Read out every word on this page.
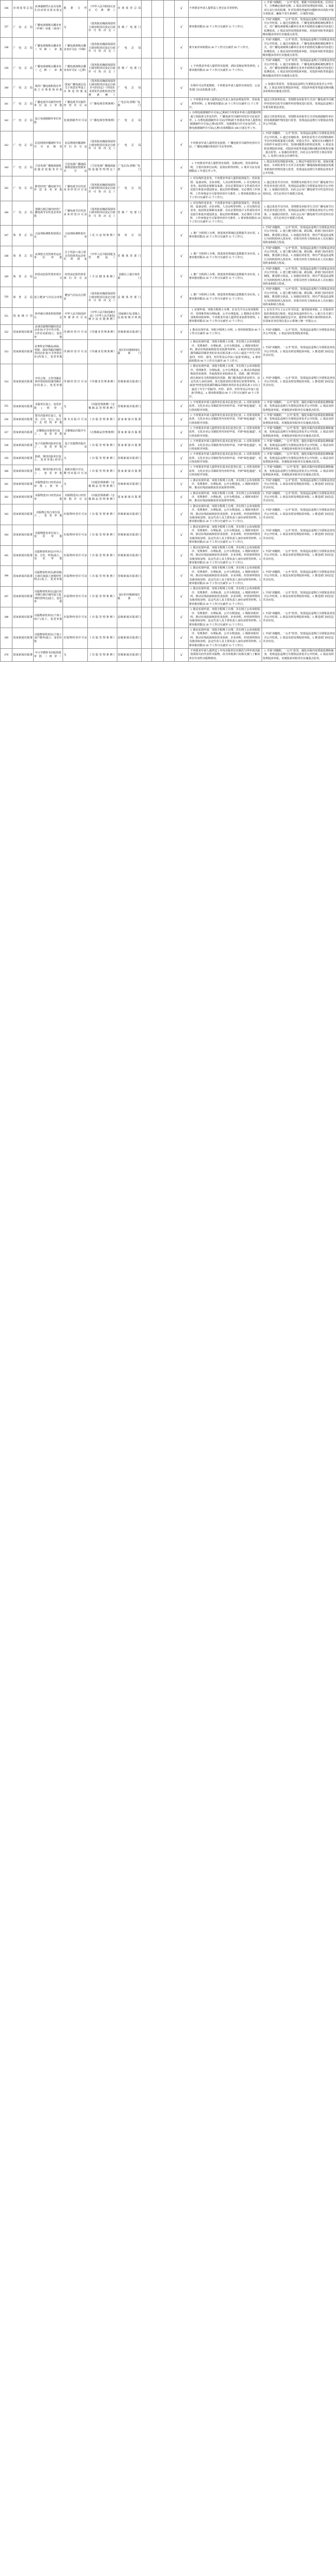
336	市场监管总局	从事强制性认证以及相关活动的实验室指定	批准文件	《中华人民共和国认证认可条例》	市场监管总局				√	不再要求申请人提供法人登记证书等材料。	1. 开展“双随机、一公开”监管，根据不同风险程度、信用水平，合理确定抽查比例。2. 依法及时处理投诉举报。3. 加强对认证行业的监测，针对发现的普遍性问题和突出风险开展专项检查，确保不发生系统性、区域性风险。
337	广电总局	广播电视视频点播业务（甲种）审批（初审）	无	《国务院对确需保留的行政审批项目设定行政许可的决定》	省级广电部门				√	将审批时限由 20 个工作日压减至 15 个工作日。	1. 开展“双随机、一公开”监管，发现违法违规行为要依法查处并公开结果。2. 通过实地检查、广播电视监测系统监测等方式，对广播电视视频点播单位业务开展情况及播出内容进行监测监看。3. 依法及时处理投诉举报，对投诉举报等渠道反映问题多的单位实施重点监管。
338	广电总局	广播电视视频点播业务（甲种）审批	广播电视视频点播业务许可证（甲种）	《国务院对确需保留的行政审批项目设定行政许可的决定》	广电总局				√	将专家评审时限由 30 个工作日压减至 20 个工作日。	1. 开展“双随机、一公开”监管，发现违法违规行为要依法查处并公开结果。2. 通过实地检查、广播电视监测系统监测等方式，对广播电视视频点播单位业务开展情况及播出内容进行监测监看。3. 依法及时处理投诉举报，对投诉举报等渠道反映问题多的单位实施重点监管。
339	广电总局	广播电视视频点播业务（乙种）审批	广播电视视频点播业务许可证（乙种）	《国务院对确需保留的行政审批项目设定行政许可的决定》	省级广电部门				√	1. 不再要求申请人提供营业执照、酒店星级证明等材料。2. 将审批时限由 20 个工作日压减至 15 个工作日。	1. 开展“双随机、一公开”监管，发现违法违规行为要依法查处并公开结果。2. 通过实地检查、广播电视监测系统监测等方式，对广播电视视频点播单位业务开展情况及播出内容进行监测监看。3. 依法及时处理投诉举报，对投诉举报等渠道反映问题多的单位实施重点监管。
340	广电总局	境外广播电视机构在华设立办事机构审批	国家广播电视总局关于同意在华设立办事处的批复	《国务院对确需保留的行政审批项目设定行政许可的决定》《外国企业常驻代表机构登记管理条例》	广电总局				√	办理许可证件延期时，不再要求申请人提供市场监管、公安等部门出具的批准文件。	1. 加强日常监管，发现违法违规行为要依法查处并公开结果。2. 依法及时处理投诉举报，对投诉举报等渠道反映问题多的机构实施重点监管。
341	广电总局	广播电视节目制作经营单位设立审批	广播电视节目制作经营许可证	《广播电视管理条例》	广电总局;省级广电部门				√	1. 不再要求申请人提供法定代表人身份证明复印件、营业执照等材料。2. 将审批时限由 20 个工作日压减至 15 个工作日。	通过日常监听监看、受理群众举报等方式对广播电视节目制作经营单位的节目制作经营情况进行监管，发现违法违规行为要及时依法查处。
342	广电总局	设立电视剧制作单位审批	电视剧制作许可证	《广播电视管理条例》	广电总局				√	1. 办理电视剧制作许可证(乙种)时不再要求申请人提供题材规划立项批准文件复印件、广播电视节目制作经营许可证复印件。2. 办理电视剧制作许可证(甲种)时不再要求申请人提供电视剧制作许可证(乙种)复印件、电视剧发行许可证复印件。3. 将电视剧制作许可证(乙种)有效期限由 180 日延长至 1 年。	通过日常监听监看、受理群众举报等方式对电视剧制作单位的电视剧制作情况进行监管，发现违法违规行为要依法查处并公开结果。
343	广电总局	信息网络传播视听节目许可证核发	信息网络传播视听节目许可证	《国务院对确需保留的行政审批项目设定行政许可的决定》	广电总局				√	不再要求申请人提供营业执照、广播电视节目制作经营许可证、广播电视播出机构许可证等材料。	1. 开展“双随机、一公开”监管，发现违法违规行为要依法查处并公开结果。2. 通过实地检查、监听监看等方式对网络视听节目内容和质量进行监测，对重点节目、疑似存在问题的节目组织专家进行评议，发现问题要及时依法处理。3. 依法及时处理投诉举报，对投诉举报等渠道反映问题多的机构实施重点监管。4. 加强信用监管，向社会公布经营主体信用状况。5. 发挥行业协会自律作用。
344	广电总局	卫星电视广播地面接收设施安装服务许可	卫星电视广播地面接收设施安装服务许可证	《卫星电视广播地面接收设施管理规定》	广电总局;省级广电部门				√	1. 不再要求申请人提供营业执照、星级证明、营业场所证明、主要出资单位证明、验资证明等材料。2. 将许可证有效期限由 1 年延长至 2 年。	1. 依法及时处理投诉举报。2. 制定年度监管计划，采取实地暗访、专项检查等方式对卫星电视广播地面接收设施安装服务机构经营情况进行监管，发现违法违规行为要依法查处并公开结果。
345	广电总局	跨省经营广播电视节目传送业务审批	广播电视节目传送业务经营许可证	《国务院对确需保留的行政审批项目设定行政许可的决定》	广电总局				√	1. 对有线传送业务，不再要求申请人提供验资报告、营业执照、设备证明、企业章程、人员证明等材料。2. 对无线传送业务，取消资金保障及来源、具有必要的设计文件或技术评估报告和基本建设资金、稳定的经费保障、有必要的工作场所、工作环境安全可靠等经营许可条件。3. 将审批时限由 20 个工作日压减至 15 个工作日。	1. 通过监看节目内容、受理群众举报等方式对广播电视节目传送业务进行监管，发现违法违规行为要依法查处并公开结果。2. 加强信用监管，向社会公布广播电视节目传送单位信用状况，对失信单位开展联合惩戒。
346	广电总局	省级行政区域内经营广播电视节目传送业务审批	广播电视节目传送业务经营许可证	《国务院对确需保留的行政审批项目设定行政许可的决定》	省级广电部门				√	1. 对有线传送业务，不再要求申请人提供验资报告、营业执照、设备证明、企业章程、人员证明等材料。2. 对无线传送业务，取消资金保障及来源、具有必要的设计文件或技术评估报告和基本建设资金、稳定的经费保障、有必要的工作场所、工作环境安全可靠等经营许可条件。3. 将审批时限由 20 个工作日压减至 15 个工作日。	1. 通过监看节目内容、受理群众举报等方式对广播电视节目传送业务进行监管，发现违法违规行为要依法查处并公开结果。2. 加强信用监管，向社会公布广播电视节目传送单位信用状况，对失信单位开展联合惩戒。
347	体育总局	兴奋剂检测机构资质认定	兴奋剂检测机构许可证	《反兴奋剂条例》	体育总局				√	1. 推广全程网上办理，推进体育领域信息数据共享应用。2. 将审批时限由 20 个工作日压减至 15 个工作日。	1. 开展“双随机、一公开”监管，发现违法违规行为要依法查处并公开结果。2. 建立健全跨区域、跨层级、跨部门协同监管制度，推进联合执法。3. 加强信用监管，将有严重违法违规行为的机构列入黑名单，对相关经营主体和从业人员实施信用约束和联合惩戒。
348	体育总局	从事射击竞技体育运动单位审批	关于同意××设立射击竞技体育运动单位的批复	《中华人民共和国枪支管理法》	省级体育部门				√	1. 推广全程网上办理，推进体育领域信息数据共享应用。2. 将审批时限由 20 个工作日压减至 15 个工作日。	1. 开展“双随机、一公开”监管，发现违法违规行为要依法查处并公开结果。2. 建立健全跨区域、跨层级、跨部门协同监管制度，推进联合执法。3. 加强信用监管，将有严重违法违规行为的机构列入黑名单，对相关经营主体和从业人员实施信用约束和联合惩戒。
349	体育总局	经营高危险性体育项目许可	经营高危险性体育项目许可证	《全民健身条例》	县级以上地方体育部门				√	1. 推广全程网上办理，推进体育领域信息数据共享应用。2. 将审批时限由 20 个工作日压减至 15 个工作日。	1. 开展“双随机、一公开”监管，发现违法违规行为要依法查处并公开结果。2. 建立健全跨区域、跨层级、跨部门协同监管制度，推进联合执法。3. 加强信用监管，将有严重违法违规行为的机构列入黑名单，对相关经营主体和从业人员实施信用约束和联合惩戒。
350	体育总局	设立健身气功站点审批	健身气功站点注册证	《国务院对确需保留的行政审批项目设定行政许可的决定》	县级体育部门				√	1. 推广全程网上办理，推进体育领域信息数据共享应用。2. 将审批时限由 20 个工作日压减至 15 个工作日。	1. 开展“双随机、一公开”监管，发现违法违规行为要依法查处并公开结果。2. 建立健全跨区域、跨层级、跨部门协同监管制度，推进联合执法。3. 加强信用监管，将有严重违法违规行为的机构列入黑名单，对相关经营主体和从业人员实施信用约束和联合惩戒。
351	国家统计局	涉外统计调查机构资格认定	中华人民共和国涉外调查许可证	《中华人民共和国统计法》《中华人民共和国统计法实施条例》	国家统计局;省级人民政府统计机构				√	1. 实现申请、审批全程网上办理，在有关平台公布审批程序、受理条件和办理标准，公开办理进度。2. 精简企业类申请机构审批材料，不再要求申请人提供营业执照等材料。3. 将审批时限由 20 个工作日压减至 13 个工作日。	1. 在有关平台上公示许可信息，接受投诉举报。2. 对投诉举报的事项进行核查，依法查处违经营行为。3. 配合有关部门做好行政审批基础信息共享，提供涉外统计调查机构名单，在国家企业信用信息公示系统上统一归集公示。
352	国家新闻出版署	从事出版物印刷经营活动企业(不含中外合资、合作企业)的设立、变更审批	印刷经营许可证	《印刷业管理条例》	省级新闻出版部门				√	1. 推动实现申请、审批全程网上办理。2. 将审批时限由 60 个工作日压减至 40 个工作日。	1. 开展“双随机、一公开”监管，发现违法违规行为要依法查处并公开结果。2. 依法及时处理投诉举报。
353	国家新闻出版署	从事特定印刷品(商标、票据、保密印刷)印刷经营活动企业(不含外资企业)的设立、变更审批	印刷经营许可证	《印刷业管理条例》	设区的市级新闻出版部门				√	1. 推动实现申请、审批全程网上办理，并在网上公布审批程序、受理条件、办理标准，公开办理进度。2. 精简审批材料，推动在线获取核验营业执照等材料。3. 取消“经营包装装潢印刷品印刷业务的企业必须具备 2 台以上最近十年生产的胶印、凹印、柔印、丝印等及后序加工设备”的规定。4. 将审批时限由 60 个工作日压减至 40 个工作日。	1. 开展“双随机、一公开”监管，发现违法违规行为要依法查处并公开结果。2. 依法及时处理投诉举报。3. 推进部门间信息共享应用。
354	国家新闻出版署	中外合资、合作印刷业和外资商装装潢印刷企业的设立、变更审批	印刷经营许可证	《印刷业管理条例》	省级新闻出版部门				√	1. 推动实现申请、审批全程网上办理，并在网上公布审批程序、受理条件、办理标准，公开办理进度。2. 推动在线获取核验营业执照、外商投资企业批准证书、香港、澳门特别行政区政府有关机构颁发的香港、澳门服务提供者证明书、法定代表人身份证明，各方投资者的注册登记证明等材料。3. 取消“经营包装装潢印刷品印刷业务的企业必须具备 2 台以上最近十年生产的胶印、凹印、柔印、丝印等及后序加工设备”的规定。4. 将审批时限由 60 个工作日压减至 40 个工作日。	1. 开展“双随机、一公开”监管，发现违法违规行为要依法查处并公开结果。2. 依法及时处理投诉举报。3. 推进部门间信息共享应用。
355	国家新闻出版署	出版单位设立、变更审批(初审)	无	《出版管理条例》《音像制品管理条例》	省级新闻出版部门				√	1. 不再要求申请人提供单位基本信息登记表。2. 对涉及机构改革、文化企业公司制改等内容的申请，开辟“绿色通道”，实行简易程序审批。	1. 开展“双随机、一公开”监管，强化出版内容质量监测和抽查，发现违法违规行为要依法查处并公开结果。2. 依法及时处理投诉举报，对被投诉举报单位实施重点监管。
356	国家新闻出版署	图书出版单位设立、变更、合并、分立、设立分支机构审批	图书出版许可证	《出版管理条例》	国家新闻出版署				√	1. 不再要求申请人提供单位基本信息登记表。2. 对涉及机构改革、文化企业公司制改等内容的申请，开辟“绿色通道”，实行简易程序审批。	1. 开展“双随机、一公开”监管，强化出版内容质量监测和抽查，发现违法违规行为要依法查处并公开结果。2. 依法及时处理投诉举报，对被投诉举报单位实施重点监管。
357	国家新闻出版署	音像制品出版单位设立、变更审批	音像制品出版许可证	《音像制品管理条例》	国家新闻出版署				√	1. 不再要求申请人提供单位基本信息登记表。2. 对涉及机构改革、文化企业公司制改等内容的申请，开辟“绿色通道”，实行简易程序审批。	1. 开展“双随机、一公开”监管，强化出版内容质量监测和抽查，发现违法违规行为要依法查处并公开结果。2. 依法及时处理投诉举报，对被投诉举报单位实施重点监管。
358	国家新闻出版署	电子出版物出版单位设立、变更审批	电子出版物出版许可证	《出版管理条例》	国家新闻出版署				√	1. 不再要求申请人提供单位基本信息登记表。2. 对涉及机构改革、文化企业公司制改等内容的申请，开辟“绿色通道”，实行简易程序审批。	1. 开展“双随机、一公开”监管，强化出版内容质量监测和抽查，发现违法违规行为要依法查处并公开结果。2. 依法及时处理投诉举报，对被投诉举报单位实施重点监管。
359	国家新闻出版署	报纸、期刊出版单位设立、变更审批(初审)	无	《出版管理条例》	省级新闻出版部门				√	1. 不再要求申请人提供单位基本信息登记表。2. 对涉及机构改革、文化企业公司制改等内容的申请，开辟“绿色通道”，实行简易程序审批。	1. 开展“双随机、一公开”监管，强化出版内容质量监测和抽查，发现违法违规行为要依法查处并公开结果。2. 依法及时处理投诉举报，对被投诉举报单位实施重点监管。
360	国家新闻出版署	报纸、期刊出版单位设立、变更审批	报纸出版许可证、期刊出版许可证	《出版管理条例》	国家新闻出版署				√	1. 不再要求申请人提供单位基本信息登记表。2. 对涉及机构改革、文化企业公司制改等内容的申请，开辟“绿色通道”，实行简易程序审批。	1. 开展“双随机、一公开”监管，强化出版内容质量监测和抽查，发现违法违规行为要依法查处并公开结果。2. 依法及时处理投诉举报，对被投诉举报单位实施重点监管。
361	国家新闻出版署	出版物进出口经营活动审批(初审)	无	《出版管理条例》《音像制品管理条例》	省级新闻出版部门				√	1. 推动实现申请、审批全程网上办理，并在网上公布审批程序、受理条件、办理标准，公开办理进度。2. 精简审批材料，推动在线获取核验营业执照等材料。	1. 开展“双随机、一公开”监管，发现违法违规行为要依法查处并公开结果。2. 依法及时处理投诉举报。3. 推进部门间信息共享应用。
362	国家新闻出版署	出版物进出口经营活动审批	出版物进出口经营资格许可证	《出版管理条例》《音像制品管理条例》	国家新闻出版署				√	1. 推动实现申请、审批全程网上办理，并在网上公布审批程序、受理条件、办理标准，公开办理进度。2. 精简审批材料，推动在线获取核验营业执照等材料。	1. 开展“双随机、一公开”监管，发现违法违规行为要依法查处并公开结果。2. 依法及时处理投诉举报。3. 推进部门间信息共享应用。
363	国家新闻出版署	出版物总发行单位设立、变更审批	出版物经营许可证	《出版管理条例》	省级新闻出版部门				√	1. 推动实现申请、审批全程网上办理，并在网上公布审批程序、受理条件、办理标准，公开办理进度。2. 精简审批材料，推动在线获取核验营业执照、企业章程、经营场所情况及使用权证明、法定代表人及主要负责人身份证明等材料。3. 将审批时限由 20 个工作日压减至 13 个工作日。	1. 开展“双随机、一公开”监管，发现违法违规行为要依法查处并公开结果。2. 依法及时处理投诉举报。3. 推进部门间信息共享应用。
364	国家新闻出版署	出版物批发单位设立、变更审批	出版物经营许可证	《出版管理条例》	省级新闻出版部门				√	1. 推动实现申请、审批全程网上办理，并在网上公布审批程序、受理条件、办理标准，公开办理进度。2. 精简审批材料，推动在线获取核验营业执照、企业章程、经营场所情况及使用权证明、法定代表人及主要负责人身份证明等材料。3. 将审批时限由 20 个工作日压减至 13 个工作日。	1. 开展“双随机、一公开”监管，发现违法违规行为要依法查处并公开结果。2. 依法及时处理投诉举报。3. 推进部门间信息共享应用。
365	国家新闻出版署	出版物零售单位(中外合资、合作、外资)设立、变更审批	出版物经营许可证	《出版管理条例》	省级新闻出版部门				√	1. 推动实现申请、审批全程网上办理，并在网上公布审批程序、受理条件、办理标准，公开办理进度。2. 精简审批材料，推动在线获取核验营业执照、企业章程、经营场所情况及使用权证明、法定代表人及主要负责人身份证明等材料。3. 将审批时限由 20 个工作日压减至 13 个工作日。	1. 开展“双随机、一公开”监管，发现违法违规行为要依法查处并公开结果。2. 依法及时处理投诉举报。3. 推进部门间信息共享应用。
366	国家新闻出版署	出版物零售单位(跨省级行政区域设立连锁经营网点)设立、变更审批	出版物经营许可证	《出版管理条例》	省级新闻出版部门				√	1. 推动实现申请、审批全程网上办理，并在网上公布审批程序、受理条件、办理标准，公开办理进度。2. 精简审批材料，推动在线获取核验营业执照、企业章程、经营场所情况及使用权证明、法定代表人及主要负责人身份证明等材料。3. 将审批时限由 20 个工作日压减至 13 个工作日。	1. 开展“双随机、一公开”监管，发现违法违规行为要依法查处并公开结果。2. 依法及时处理投诉举报。3. 推进部门间信息共享应用。
367	国家新闻出版署	出版物零售单位(设区的市级行政区域内设立连锁经营网点)设立、变更审批	出版物经营许可证	《出版管理条例》	设区的市级新闻出版部门				√	1. 推动实现申请、审批全程网上办理，并在网上公布审批程序、受理条件、办理标准，公开办理进度。2. 精简审批材料，推动在线获取核验营业执照、企业章程、经营场所情况及使用权证明、法定代表人及主要负责人身份证明等材料。3. 将审批时限由 20 个工作日压减至 13 个工作日。	1. 开展“双随机、一公开”监管，发现违法违规行为要依法查处并公开结果。2. 依法及时处理投诉举报。3. 推进部门间信息共享应用。
368	国家新闻出版署	出版物零售单位(个体工商户)设立、变更审批	出版物经营许可证	《出版管理条例》	县级新闻出版部门				√	1. 推动实现申请、审批全程网上办理，并在网上公布审批程序、受理条件、办理标准，公开办理进度。2. 精简审批材料，推动在线获取核验营业执照、企业章程、经营场所情况及使用权证明、法定代表人及主要负责人身份证明等材料。3. 将审批时限由 20 个工作日压减至 13 个工作日。	1. 开展“双随机、一公开”监管，发现违法违规行为要依法查处并公开结果。2. 依法及时处理投诉举报。3. 推进部门间信息共享应用。
369	国家新闻出版署	出版物零售单位(个体工商户除外)设立、变更审批	出版物经营许可证	《出版管理条例》	县级新闻出版部门				√	1. 推动实现申请、审批全程网上办理，并在网上公布审批程序、受理条件、办理标准，公开办理进度。2. 精简审批材料，推动在线获取核验营业执照、企业章程、经营场所情况及使用权证明、法定代表人及主要负责人身份证明等材料。3. 将审批时限由 20 个工作日压减至 13 个工作日。	1. 开展“双随机、一公开”监管，发现违法违规行为要依法查处并公开结果。2. 依法及时处理投诉举报。3. 推进部门间信息共享应用。
370	国家新闻出版署	中小学教科书出版资质审批（初审）	无	《出版管理条例》	省级新闻出版部门				√	不再要求申请人提供近 5 年内出版单位出版的与所申请出版资质相关的代表性出版物，改为审批部门向相关部门了解该单位代表性出版物情况。	1. 开展“双随机、一公开”监管，强化出版内容质量监测和抽查，发现违法违规行为要依法查处并公开结果。2. 依法及时处理投诉举报，对被投诉举报单位实施重点监管。
